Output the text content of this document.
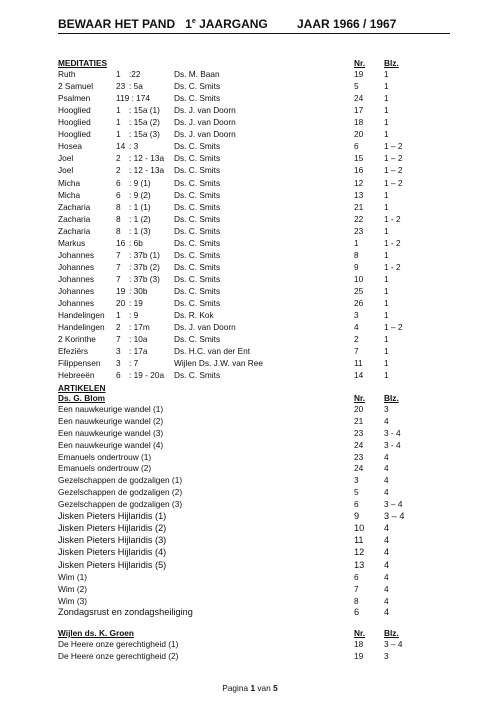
BEWAAR HET PAND 1e JAARGANG JAAR 1966 / 1967
MEDITATIES	Nr. Blz.
Ruth	1 :22	Ds. M. Baan	19	1
2 Samuel	23 : 5a	Ds. C. Smits	5	1
Psalmen	119 : 174	Ds. C. Smits	24	1
Hooglied	1 : 15a (1) Ds. J. van Doorn	17	1
Hooglied	1 : 15a (2) Ds. J. van Doorn	18	1
Hooglied	1 : 15a (3) Ds. J. van Doorn	20	1
Hosea	14 : 3	Ds. C. Smits	6	1 – 2
Joel	2 : 12 - 13a Ds. C. Smits	15	1 – 2
Joel	2 : 12 - 13a Ds. C. Smits	16	1 – 2
Micha	6 : 9 (1)	Ds. C. Smits	12	1 – 2
Micha	6 : 9 (2)	Ds. C. Smits	13	1
Zacharia	8 : 1 (1)	Ds. C. Smits	21	1
Zacharia	8 : 1 (2)	Ds. C. Smits	22	1 - 2
Zacharia	8 : 1 (3)	Ds. C. Smits	23	1
Markus	16 : 6b	Ds. C. Smits	1	1 - 2
Johannes	7 : 37b (1) Ds. C. Smits	8	1
Johannes	7 : 37b (2) Ds. C. Smits	9	1 - 2
Johannes	7 : 37b (3) Ds. C. Smits	10	1
Johannes	19 : 30b	Ds. C. Smits	25	1
Johannes	20 : 19	Ds. C. Smits	26	1
Handelingen 1 : 9	Ds. R. Kok	3	1
Handelingen 2 : 17m	Ds. J. van Doorn	4	1 – 2
2 Korinthe 7 : 10a	Ds. C. Smits	2	1
Efeziërs	3 : 17a	Ds. H.C. van der Ent	7	1
Filippensen 3 : 7	Wijlen Ds. J.W. van Ree	11	1
Hebreeën	6 : 19 - 20a Ds. C. Smits	14	1
ARTIKELEN
Ds. G. Blom	Nr. Blz.
Een nauwkeurige wandel (1)	20	3
Een nauwkeurige wandel (2)	21	4
Een nauwkeurige wandel (3)	23	3 - 4
Een nauwkeurige wandel (4)	24	3 - 4
Emanuels ondertrouw (1)	23	4
Emanuels ondertrouw (2)	24	4
Gezelschappen de godzaligen (1)	3	4
Gezelschappen de godzaligen (2)	5	4
Gezelschappen de godzaligen (3)	6	3 – 4
Jisken Pieters Hijlaridis (1)	9	3 – 4
Jisken Pieters Hijlaridis (2)	10 4
Jisken Pieters Hijlaridis (3)	11 4
Jisken Pieters Hijlaridis (4)	12 4
Jisken Pieters Hijlaridis (5)	13 4
Wim (1)	6	4
Wim (2)	7	4
Wim (3)	8	4
Zondagsrust en zondagsheiliging	6	4
Wijlen ds. K. Groen	Nr. Blz.
De Heere onze gerechtigheid (1)	18	3 – 4
De Heere onze gerechtigheid (2)	19	3
Pagina 1 van 5
